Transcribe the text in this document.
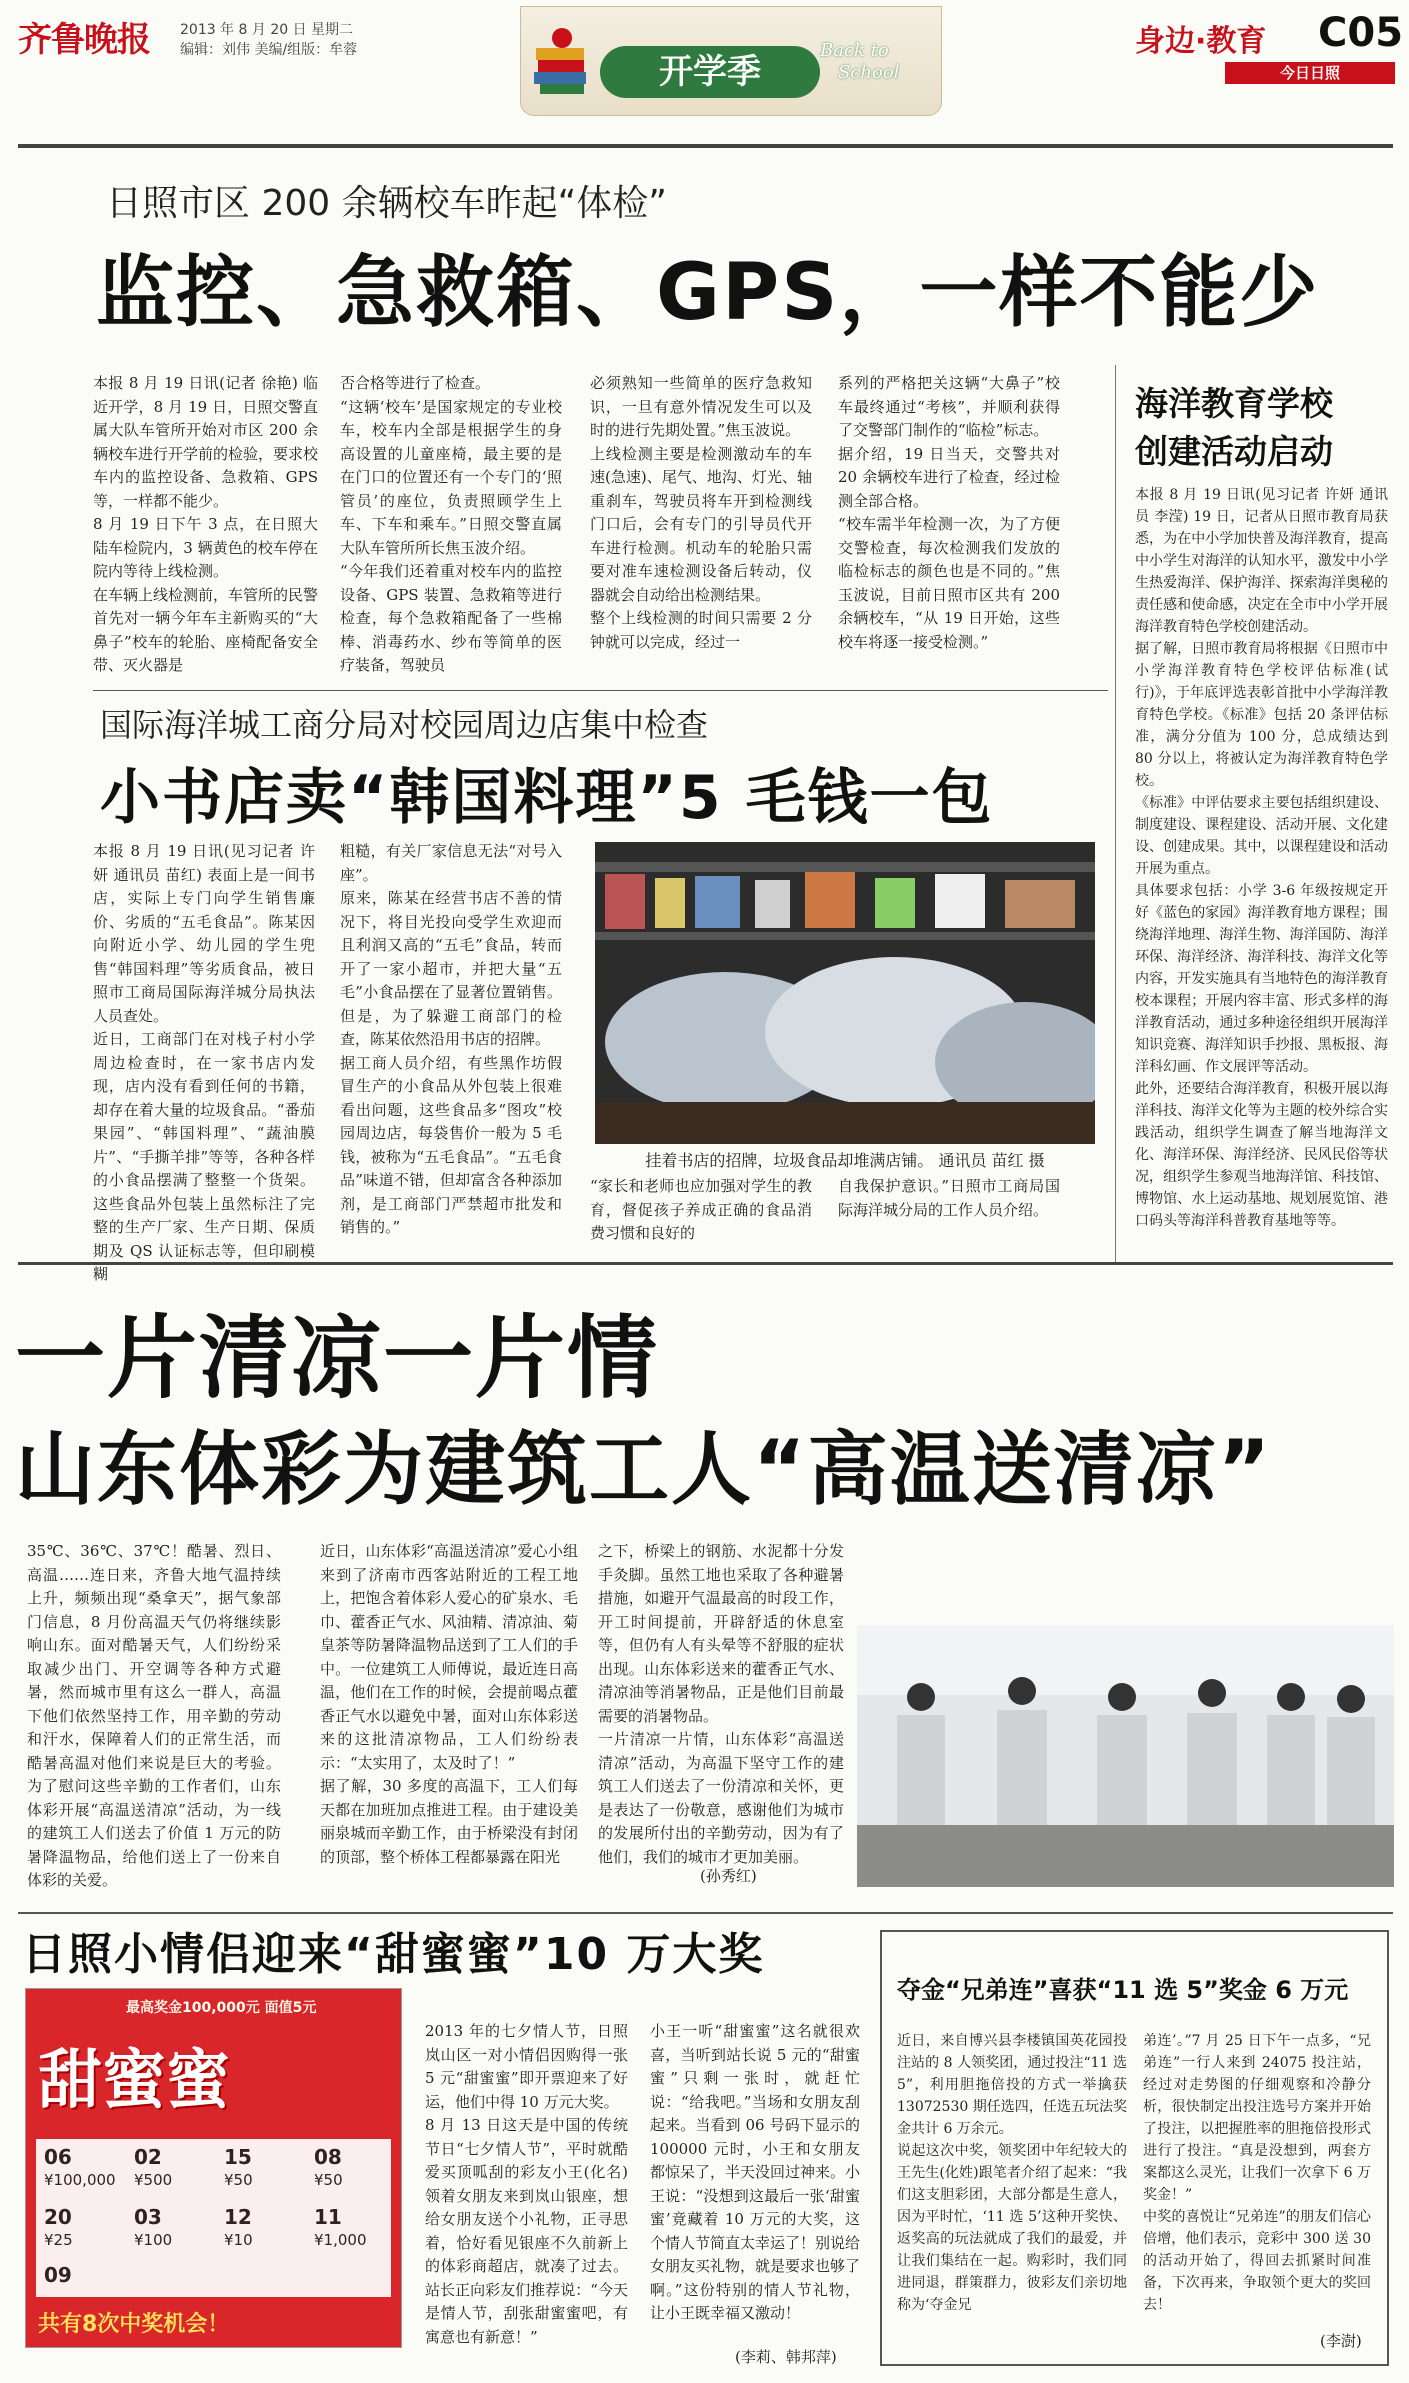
齐鲁晚报 2013 年 8 月 20 日 星期二
编辑：刘伟 美编/组版：牟蓉
开学季
Back to
School
身边·教育 C05
今日日照
日照市区 200 余辆校车昨起“体检”
监控、急救箱、GPS，一样不能少
本报 8 月 19 日讯(记者 徐艳) 临近开学，8 月 19 日，日照交警直属大队车管所开始对市区 200 余辆校车进行开学前的检验，要求校车内的监控设备、急救箱、GPS 等，一样都不能少。
8 月 19 日下午 3 点，在日照大陆车检院内，3 辆黄色的校车停在院内等待上线检测。
在车辆上线检测前，车管所的民警首先对一辆今年车主新购买的“大鼻子”校车的轮胎、座椅配备安全带、灭火器是
否合格等进行了检查。
“这辆‘校车’是国家规定的专业校车，校车内全部是根据学生的身高设置的儿童座椅，最主要的是在门口的位置还有一个专门的‘照管员’的座位，负责照顾学生上车、下车和乘车。”日照交警直属大队车管所所长焦玉波介绍。
“今年我们还着重对校车内的监控设备、GPS 装置、急救箱等进行检查，每个急救箱配备了一些棉棒、消毒药水、纱布等简单的医疗装备，驾驶员
必须熟知一些简单的医疗急救知识，一旦有意外情况发生可以及时的进行先期处置。”焦玉波说。
上线检测主要是检测激动车的车速(急速)、尾气、地沟、灯光、轴重刹车，驾驶员将车开到检测线门口后，会有专门的引导员代开车进行检测。机动车的轮胎只需要对准车速检测设备后转动，仪器就会自动给出检测结果。
整个上线检测的时间只需要 2 分钟就可以完成，经过一
系列的严格把关这辆“大鼻子”校车最终通过“考核”，并顺利获得了交警部门制作的“临检”标志。
据介绍，19 日当天，交警共对 20 余辆校车进行了检查，经过检测全部合格。
“校车需半年检测一次，为了方便交警检查，每次检测我们发放的临检标志的颜色也是不同的。”焦玉波说，目前日照市区共有 200 余辆校车，“从 19 日开始，这些校车将逐一接受检测。”
海洋教育学校
创建活动启动
本报 8 月 19 日讯(见习记者 许妍 通讯员 李滢) 19 日，记者从日照市教育局获悉，为在中小学加快普及海洋教育，提高中小学生对海洋的认知水平，激发中小学生热爱海洋、保护海洋、探索海洋奥秘的责任感和使命感，决定在全市中小学开展海洋教育特色学校创建活动。
据了解，日照市教育局将根据《日照市中小学海洋教育特色学校评估标准(试行)》，于年底评选表彰首批中小学海洋教育特色学校。《标准》包括 20 条评估标准，满分分值为 100 分，总成绩达到 80 分以上，将被认定为海洋教育特色学校。
《标准》中评估要求主要包括组织建设、制度建设、课程建设、活动开展、文化建设、创建成果。其中，以课程建设和活动开展为重点。
具体要求包括：小学 3-6 年级按规定开好《蓝色的家园》海洋教育地方课程；围绕海洋地理、海洋生物、海洋国防、海洋环保、海洋经济、海洋科技、海洋文化等内容，开发实施具有当地特色的海洋教育校本课程；开展内容丰富、形式多样的海洋教育活动，通过多种途径组织开展海洋知识竞赛、海洋知识手抄报、黑板报、海洋科幻画、作文展评等活动。
此外，还要结合海洋教育，积极开展以海洋科技、海洋文化等为主题的校外综合实践活动，组织学生调查了解当地海洋文化、海洋环保、海洋经济、民风民俗等状况，组织学生参观当地海洋馆、科技馆、博物馆、水上运动基地、规划展览馆、港口码头等海洋科普教育基地等等。
国际海洋城工商分局对校园周边店集中检查
小书店卖“韩国料理”5 毛钱一包
本报 8 月 19 日讯(见习记者 许妍 通讯员 苗红) 表面上是一间书店，实际上专门向学生销售廉价、劣质的“五毛食品”。陈某因向附近小学、幼儿园的学生兜售“韩国料理”等劣质食品，被日照市工商局国际海洋城分局执法人员查处。
近日，工商部门在对栈子村小学周边检查时，在一家书店内发现，店内没有看到任何的书籍，却存在着大量的垃圾食品。“番茄果园”、“韩国料理”、“蔬油膜片”、“手撕羊排”等等，各种各样的小食品摆满了整整一个货架。这些食品外包装上虽然标注了完整的生产厂家、生产日期、保质期及 QS 认证标志等，但印刷模糊
粗糙，有关厂家信息无法“对号入座”。
原来，陈某在经营书店不善的情况下，将目光投向受学生欢迎而且利润又高的“五毛”食品，转而开了一家小超市，并把大量“五毛”小食品摆在了显著位置销售。但是，为了躲避工商部门的检查，陈某依然沿用书店的招牌。
据工商人员介绍，有些黑作坊假冒生产的小食品从外包装上很难看出问题，这些食品多“图攻”校园周边店，每袋售价一般为 5 毛钱，被称为“五毛食品”。“五毛食品”味道不错，但却富含各种添加剂，是工商部门严禁超市批发和销售的。”
挂着书店的招牌，垃圾食品却堆满店铺。 通讯员 苗红 摄
“家长和老师也应加强对学生的教育，督促孩子养成正确的食品消费习惯和良好的
自我保护意识。”日照市工商局国际海洋城分局的工作人员介绍。
一片清凉一片情
山东体彩为建筑工人“高温送清凉”
35℃、36℃、37℃！酷暑、烈日、高温……连日来，齐鲁大地气温持续上升，频频出现“桑拿天”，据气象部门信息，8 月份高温天气仍将继续影响山东。面对酷暑天气，人们纷纷采取减少出门、开空调等各种方式避暑，然而城市里有这么一群人，高温下他们依然坚持工作，用辛勤的劳动和汗水，保障着人们的正常生活，而酷暑高温对他们来说是巨大的考验。为了慰问这些辛勤的工作者们，山东体彩开展“高温送清凉”活动，为一线的建筑工人们送去了价值 1 万元的防暑降温物品，给他们送上了一份来自体彩的关爱。
近日，山东体彩“高温送清凉”爱心小组来到了济南市西客站附近的工程工地上，把饱含着体彩人爱心的矿泉水、毛巾、藿香正气水、风油精、清凉油、菊皇茶等防暑降温物品送到了工人们的手中。一位建筑工人师傅说，最近连日高温，他们在工作的时候，会提前喝点藿香正气水以避免中暑，面对山东体彩送来的这批清凉物品，工人们纷纷表示：“太实用了，太及时了！”
据了解，30 多度的高温下，工人们每天都在加班加点推进工程。由于建设美丽泉城而辛勤工作，由于桥梁没有封闭的顶部，整个桥体工程都暴露在阳光
之下，桥梁上的钢筋、水泥都十分发手灸脚。虽然工地也采取了各种避暑措施，如避开气温最高的时段工作，开工时间提前，开辟舒适的休息室等，但仍有人有头晕等不舒服的症状出现。山东体彩送来的藿香正气水、清凉油等消暑物品，正是他们目前最需要的消暑物品。
一片清凉一片情，山东体彩“高温送清凉”活动，为高温下坚守工作的建筑工人们送去了一份清凉和关怀，更是表达了一份敬意，感谢他们为城市的发展所付出的辛勤劳动，因为有了他们，我们的城市才更加美丽。
(孙秀红)
日照小情侣迎来“甜蜜蜜”10 万大奖
最高奖金100,000元 面值5元
甜蜜蜜
06	02	15	08
¥100,000 ¥500	¥50	¥50
20	03	12	11
¥25	¥100	¥10	¥1,000
09
共有8次中奖机会！
2013 年的七夕情人节，日照岚山区一对小情侣因购得一张 5 元“甜蜜蜜”即开票迎来了好运，他们中得 10 万元大奖。
8 月 13 日这天是中国的传统节日“七夕情人节”，平时就酷爱买顶呱刮的彩友小王(化名)领着女朋友来到岚山银座，想给女朋友送个小礼物，正寻思着，恰好看见银座不久前新上的体彩商超店，就凑了过去。站长正向彩友们推荐说：“今天是情人节，刮张甜蜜蜜吧，有寓意也有新意！”
小王一听“甜蜜蜜”这名就很欢喜，当听到站长说 5 元的“甜蜜蜜”只剩一张时，就赶忙说：“给我吧。”当场和女朋友刮起来。当看到 06 号码下显示的 100000 元时，小王和女朋友都惊呆了，半天没回过神来。小王说：“没想到这最后一张‘甜蜜蜜’竟藏着 10 万元的大奖，这个情人节简直太幸运了！别说给女朋友买礼物，就是要求也够了啊。”这份特别的情人节礼物，让小王既幸福又激动！
(李莉、韩邦萍)
夺金“兄弟连”喜获“11 选 5”奖金 6 万元
近日，来自博兴县李楼镇国英花园投注站的 8 人领奖团，通过投注“11 选 5”，利用胆拖倍投的方式一举擒获 13072530 期任选四，任选五玩法奖金共计 6 万余元。
说起这次中奖，领奖团中年纪较大的王先生(化姓)跟笔者介绍了起来：“我们这支胆彩团，大部分都是生意人，因为平时忙，‘11 选 5’这种开奖快、返奖高的玩法就成了我们的最爱，并让我们集结在一起。购彩时，我们同进同退，群策群力，彼彩友们亲切地称为‘夺金兄
弟连’。”7 月 25 日下午一点多，“兄弟连”一行人来到 24075 投注站，经过对走势图的仔细观察和冷静分析，很快制定出投注选号方案并开始了投注，以把握胜率的胆拖倍投形式进行了投注。“真是没想到，两套方案都这么灵光，让我们一次拿下 6 万奖金！”
中奖的喜悦让“兄弟连”的朋友们信心倍增，他们表示，竞彩中 300 送 30 的活动开始了，得回去抓紧时间准备，下次再来，争取领个更大的奖回去！
(李澍)
